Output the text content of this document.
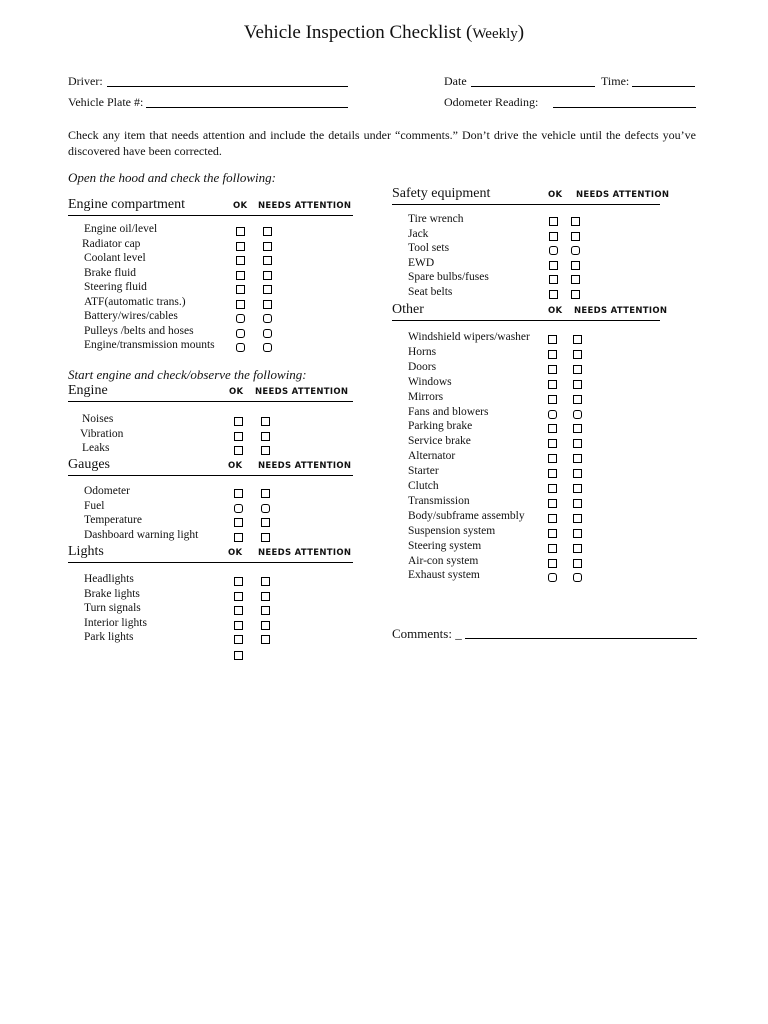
Vehicle Inspection Checklist (Weekly)
Driver:
Vehicle Plate #:
Date	Time:
Odometer Reading:
Check any item that needs attention and include the details under “comments.” Don’t drive the vehicle until the defects you’ve discovered have been corrected.
Open the hood and check the following:
Start engine and check/observe the following:
Engine compartment	OK NEEDS ATTENTION
Engine oil/level
Radiator cap
Coolant level
Brake fluid
Steering fluid
ATF(automatic trans.)
Battery/wires/cables
Pulleys /belts and hoses
Engine/transmission mounts
Engine	OK NEEDS ATTENTION
Noises
Vibration
Leaks
Gauges	OK NEEDS ATTENTION
Odometer
Fuel
Temperature
Dashboard warning light
Lights	OK NEEDS ATTENTION
Headlights
Brake lights
Turn signals
Interior lights
Park lights
Safety equipment	OK NEEDS ATTENTION
Tire wrench
Jack
Tool sets
EWD
Spare bulbs/fuses
Seat belts
Other	OK NEEDS ATTENTION
Windshield wipers/washer
Horns
Doors
Windows
Mirrors
Fans and blowers
Parking brake
Service brake
Alternator
Starter
Clutch
Transmission
Body/subframe assembly
Suspension system
Steering system
Air-con system
Exhaust system
Comments: _
